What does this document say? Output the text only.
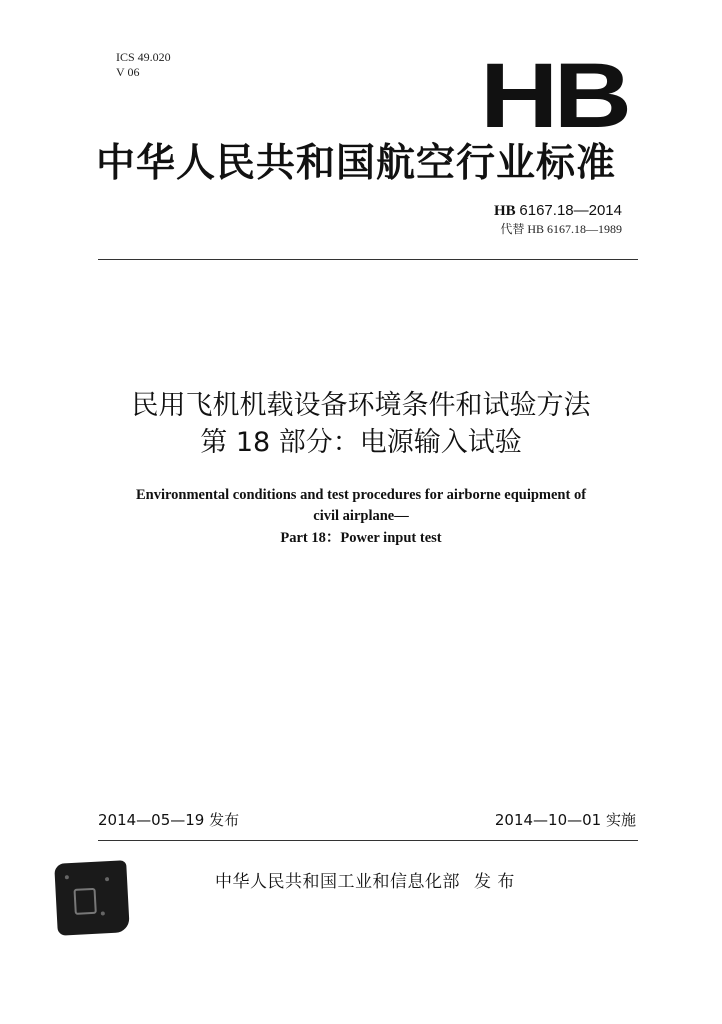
ICS 49.020
V 06	HB
中华人民共和国航空行业标准
HB 6167.18—2014
代替 HB 6167.18—1989
民用飞机机载设备环境条件和试验方法
第 18 部分：电源输入试验
Environmental conditions and test procedures for airborne equipment of
civil airplane—
Part 18：Power input test
2014—05—19 发布	2014—10—01 实施
中华人民共和国工业和信息化部 发 布
